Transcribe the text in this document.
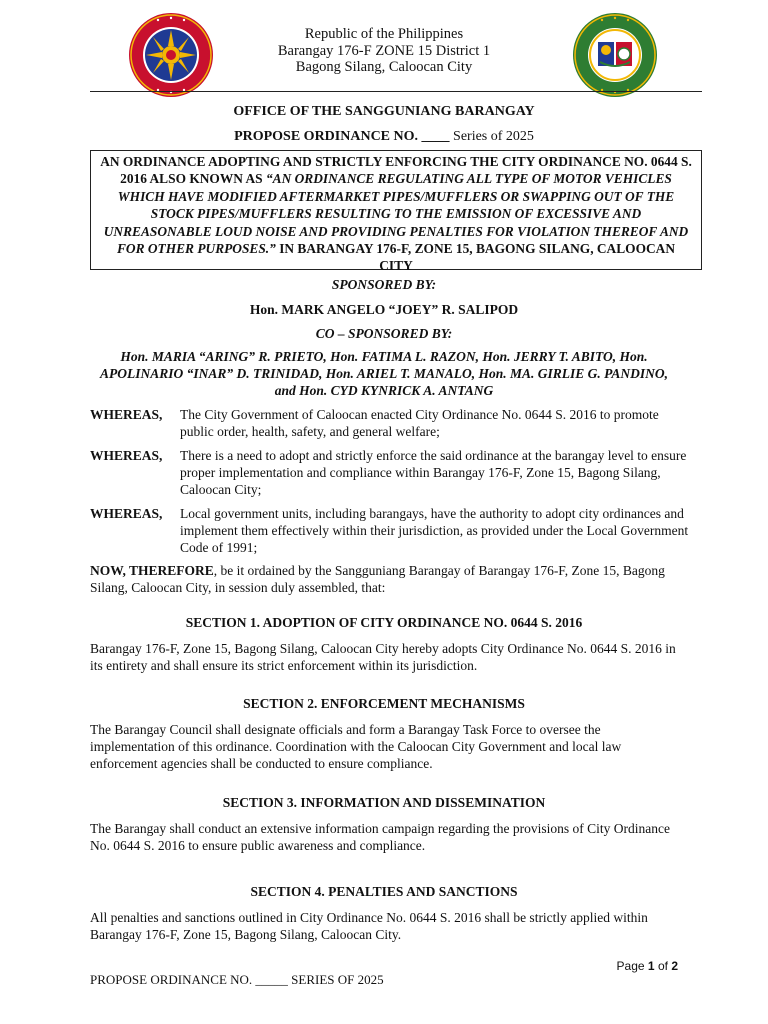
Republic of the Philippines
Barangay 176-F ZONE 15 District 1
Bagong Silang, Caloocan City
OFFICE OF THE SANGGUNIANG BARANGAY
PROPOSE ORDINANCE NO. ____ Series of 2025
AN ORDINANCE ADOPTING AND STRICTLY ENFORCING THE CITY ORDINANCE NO. 0644 S. 2016 ALSO KNOWN AS “AN ORDINANCE REGULATING ALL TYPE OF MOTOR VEHICLES WHICH HAVE MODIFIED AFTERMARKET PIPES/MUFFLERS OR SWAPPING OUT OF THE STOCK PIPES/MUFFLERS RESULTING TO THE EMISSION OF EXCESSIVE AND UNREASONABLE LOUD NOISE AND PROVIDING PENALTIES FOR VIOLATION THEREOF AND FOR OTHER PURPOSES.” IN BARANGAY 176-F, ZONE 15, BAGONG SILANG, CALOOCAN CITY
SPONSORED BY:
Hon. MARK ANGELO “JOEY” R. SALIPOD
CO – SPONSORED BY:
Hon. MARIA “ARING” R. PRIETO, Hon. FATIMA L. RAZON, Hon. JERRY T. ABITO, Hon. APOLINARIO “INAR” D. TRINIDAD, Hon. ARIEL T. MANALO, Hon. MA. GIRLIE G. PANDINO, and Hon. CYD KYNRICK A. ANTANG
WHEREAS, The City Government of Caloocan enacted City Ordinance No. 0644 S. 2016 to promote public order, health, safety, and general welfare;
WHEREAS, There is a need to adopt and strictly enforce the said ordinance at the barangay level to ensure proper implementation and compliance within Barangay 176-F, Zone 15, Bagong Silang, Caloocan City;
WHEREAS, Local government units, including barangays, have the authority to adopt city ordinances and implement them effectively within their jurisdiction, as provided under the Local Government Code of 1991;
NOW, THEREFORE, be it ordained by the Sangguniang Barangay of Barangay 176-F, Zone 15, Bagong Silang, Caloocan City, in session duly assembled, that:
SECTION 1. ADOPTION OF CITY ORDINANCE NO. 0644 S. 2016
Barangay 176-F, Zone 15, Bagong Silang, Caloocan City hereby adopts City Ordinance No. 0644 S. 2016 in its entirety and shall ensure its strict enforcement within its jurisdiction.
SECTION 2. ENFORCEMENT MECHANISMS
The Barangay Council shall designate officials and form a Barangay Task Force to oversee the implementation of this ordinance. Coordination with the Caloocan City Government and local law enforcement agencies shall be conducted to ensure compliance.
SECTION 3. INFORMATION AND DISSEMINATION
The Barangay shall conduct an extensive information campaign regarding the provisions of City Ordinance No. 0644 S. 2016 to ensure public awareness and compliance.
SECTION 4. PENALTIES AND SANCTIONS
All penalties and sanctions outlined in City Ordinance No. 0644 S. 2016 shall be strictly applied within Barangay 176-F, Zone 15, Bagong Silang, Caloocan City.
Page 1 of 2
PROPOSE ORDINANCE NO. _____ SERIES OF 2025
